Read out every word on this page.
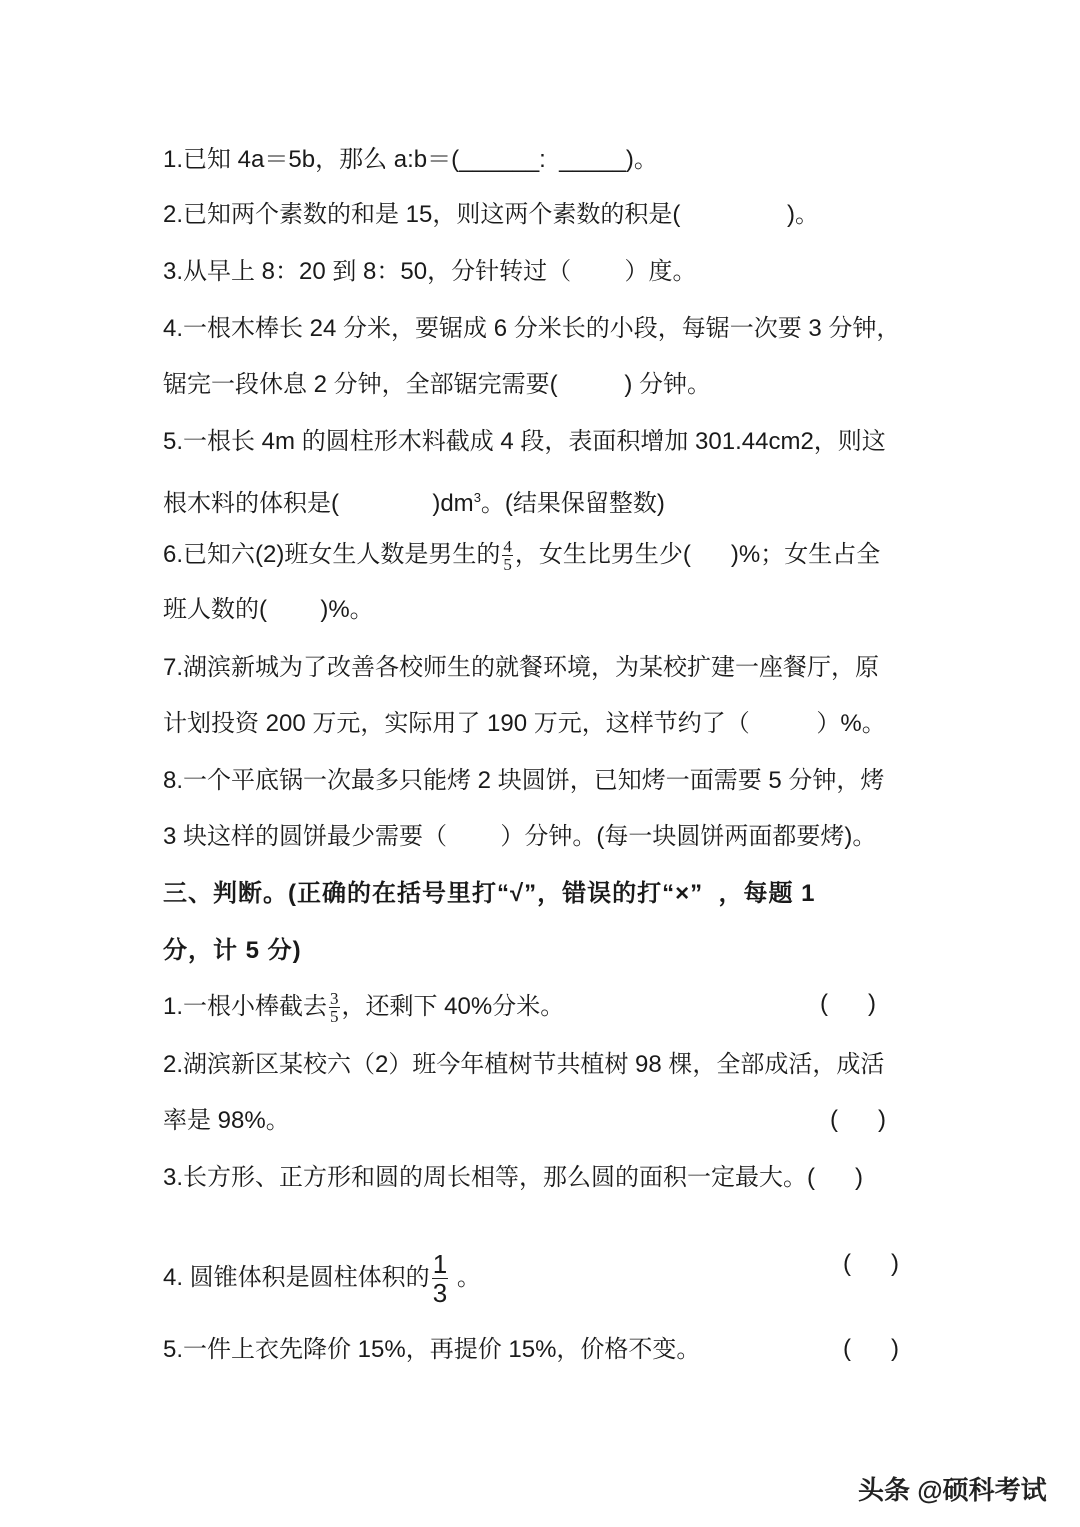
1.已知 4a＝5b，那么 a:b＝(______:  _____)。
2.已知两个素数的和是 15，则这两个素数的积是(                )。
3.从早上 8：20 到 8：50，分针转过（        ）度。
4.一根木棒长 24 分米，要锯成 6 分米长的小段，每锯一次要 3 分钟，
锯完一段休息 2 分钟，全部锯完需要(          ) 分钟。
5.一根长 4m 的圆柱形木料截成 4 段，表面积增加 301.44cm2，则这
根木料的体积是(              )$dm^3$。(结果保留整数)
6.已知六(2)班女生人数是男生的 $\frac{4}{5}$ ，女生比男生少(      )%；女生占全
班人数的(        )%。
7.湖滨新城为了改善各校师生的就餐环境，为某校扩建一座餐厅，原
计划投资 200 万元，实际用了 190 万元，这样节约了（          ）%。
8.一个平底锅一次最多只能烤 2 块圆饼，已知烤一面需要 5 分钟，烤
3 块这样的圆饼最少需要（        ）分钟。(每一块圆饼两面都要烤)。
三、判断。(正确的在括号里打“√”，错误的打“×”  ，每题 1
分，计 5 分)
1.一根小棒截去 $\frac{3}{5}$ ，还剩下 40%分米。	(      )
2.湖滨新区某校六（2）班今年植树节共植树 98 棵，全部成活，成活
率是 98%。	(      )
3.长方形、正方形和圆的周长相等，那么圆的面积一定最大。(      )
4. 圆锥体积是圆柱体积的 $\frac{1}{3}$ 。
(      )
5.一件上衣先降价 15%，再提价 15%，价格不变。	(      )
头条 @硕科考试
